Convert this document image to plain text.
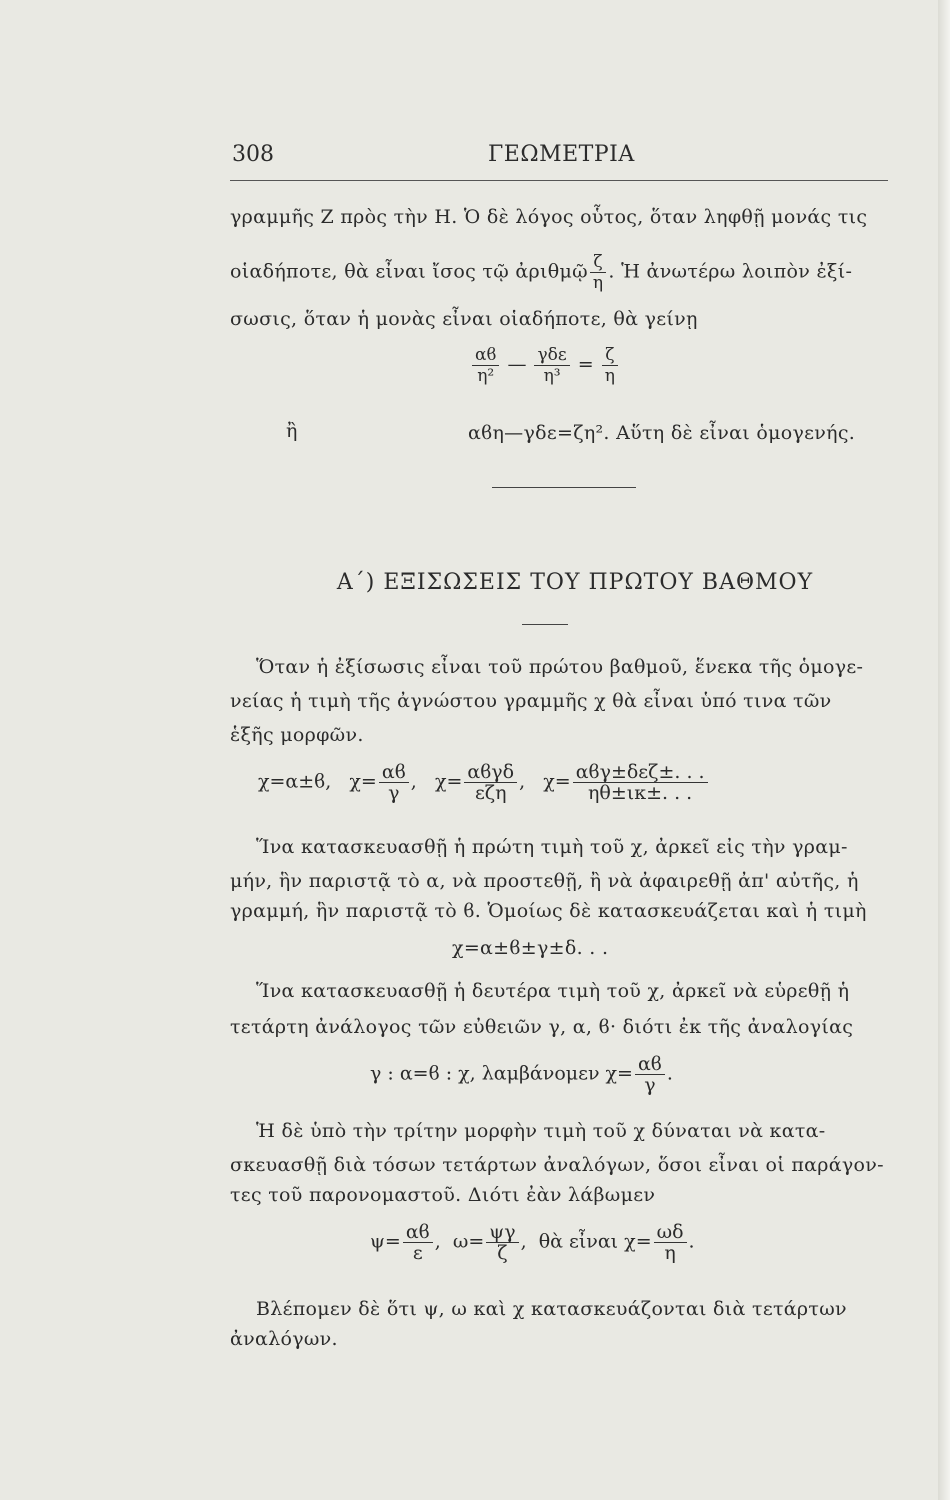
308	ΓΕΩΜΕΤΡΙΑ
γραμμῆς Ζ πρὸς τὴν Η. Ὁ δὲ λόγος οὗτος, ὅταν ληφθῇ μονάς τις
οἱαδήποτε, θὰ εἶναι ἴσος τῷ ἀριθμῷ $\frac{\zeta}{\eta}$ . Ἡ ἀνωτέρω λοιπὸν ἐξί-
σωσις, ὅταν ἡ μονὰς εἶναι οἱαδήποτε, θὰ γείνῃ
$\frac{\alpha ϐ}{\text{η²}}$ — $\frac{\text{γδε}}{\text{η³}} = \frac{\zeta}{\eta}$
ἢ	αϐη—γδε=ζη². Αὕτη δὲ εἶναι ὁμογενής.
Α΄) ΕΞΙΣΩΣΕΙΣ ΤΟΥ ΠΡΩΤΟΥ ΒΑΘΜΟΥ
Ὅταν ἡ ἐξίσωσις εἶναι τοῦ πρώτου βαθμοῦ, ἕνεκα τῆς ὁμογε-
νείας ἡ τιμὴ τῆς ἀγνώστου γραμμῆς χ θὰ εἶναι ὑπό τινα τῶν
ἑξῆς μορφῶν.
χ=α±ϐ, $\chi= \frac{\alpha ϐ}{\gamma}$ , $\chi= \frac{\text{αϐγδ}}{\text{εζη}}$ , $\chi= \frac{\text{αϐγ±δεζ±. . .}}{\eta\theta\pm\iota\kappa\pm. . .}$
Ἵνα κατασκευασθῇ ἡ πρώτη τιμὴ τοῦ χ, ἀρκεῖ εἰς τὴν γραμ-
μήν, ἣν παριστᾷ τὸ α, νὰ προστεθῇ, ἢ νὰ ἀφαιρεθῇ ἀπ' αὐτῆς, ἡ
γραμμή, ἣν παριστᾷ τὸ ϐ. Ὁμοίως δὲ κατασκευάζεται καὶ ἡ τιμὴ
χ=α±ϐ±γ±δ. . .
Ἵνα κατασκευασθῇ ἡ δευτέρα τιμὴ τοῦ χ, ἀρκεῖ νὰ εὑρεθῇ ἡ
τετάρτη ἀνάλογος τῶν εὐθειῶν γ, α, ϐ· διότι ἐκ τῆς ἀναλογίας
γ : α=ϐ : χ, λαμβάνομεν $\chi= \frac{\alpha ϐ}{\gamma}$ .
Ἡ δὲ ὑπὸ τὴν τρίτην μορφὴν τιμὴ τοῦ χ δύναται νὰ κατα-
σκευασθῇ διὰ τόσων τετάρτων ἀναλόγων, ὅσοι εἶναι οἱ παράγον-
τες τοῦ παρονομαστοῦ. Διότι ἐὰν λάβωμεν
$\psi= \frac{\alpha ϐ}{\varepsilon}$ , $\omega= \frac{\psi\gamma}{\zeta}$ , θὰ εἶναι $\chi= \frac{\omega\delta}{\eta}$ .
Βλέπομεν δὲ ὅτι ψ, ω καὶ χ κατασκευάζονται διὰ τετάρτων
ἀναλόγων.
